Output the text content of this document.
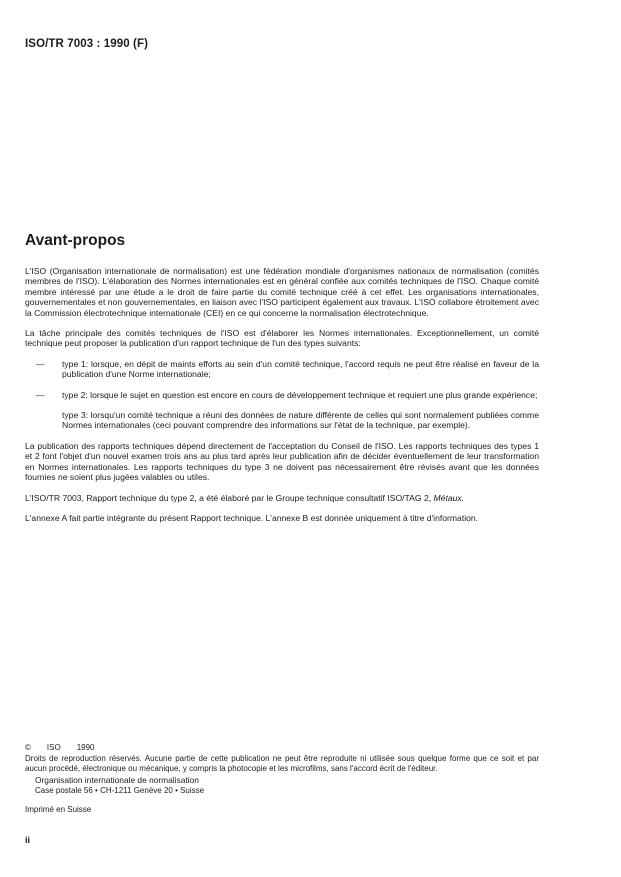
ISO/TR 7003 : 1990 (F)
Avant-propos

L'ISO (Organisation internationale de normalisation) est une fédération mondiale d'organismes nationaux de normalisation (comités membres de l'ISO). L'élaboration des Normes internationales est en général confiée aux comités techniques de l'ISO. Chaque comité membre intéressé par une étude a le droit de faire partie du comité technique créé à cet effet. Les organisations internationales, gouvernementales et non gouvernementales, en liaison avec l'ISO participent également aux travaux. L'ISO collabore étroitement avec la Commission électrotechnique internationale (CEI) en ce qui concerne la normalisation électrotechnique.

La tâche principale des comités techniques de l'ISO est d'élaborer les Normes internationales. Exceptionnellement, un comité technique peut proposer la publication d'un rapport technique de l'un des types suivants:

— type 1: lorsque, en dépit de maints efforts au sein d'un comité technique, l'accord requis ne peut être réalisé en faveur de la publication d'une Norme internationale;
— type 2: lorsque le sujet en question est encore en cours de développement technique et requiert une plus grande expérience;
type 3: lorsqu'un comité technique a réuni des données de nature différente de celles qui sont normalement publiées comme Normes internationales (ceci pouvant comprendre des informations sur l'état de la technique, par exemple).

La publication des rapports techniques dépend directement de l'acceptation du Conseil de l'ISO. Les rapports techniques des types 1 et 2 font l'objet d'un nouvel examen trois ans au plus tard après leur publication afin de décider éventuellement de leur transformation en Normes internationales. Les rapports techniques du type 3 ne doivent pas nécessairement être révisés avant que les données fournies ne soient plus jugées valables ou utiles.

L'ISO/TR 7003, Rapport technique du type 2, a été élaboré par le Groupe technique consultatif ISO/TAG 2, Métaux.

L'annexe A fait partie intégrante du présent Rapport technique. L'annexe B est donnée uniquement à titre d'information.

© ISO 1990

Droits de reproduction réservés. Aucune partie de cette publication ne peut être reproduite ni utilisée sous quelque forme que ce soit et par aucun procédé, électronique ou mécanique, y compris la photocopie et les microfilms, sans l'accord écrit de l'éditeur.

Organisation internationale de normalisation
Case postale 56 • CH-1211 Genève 20 • Suisse
Imprimé en Suisse
ii
